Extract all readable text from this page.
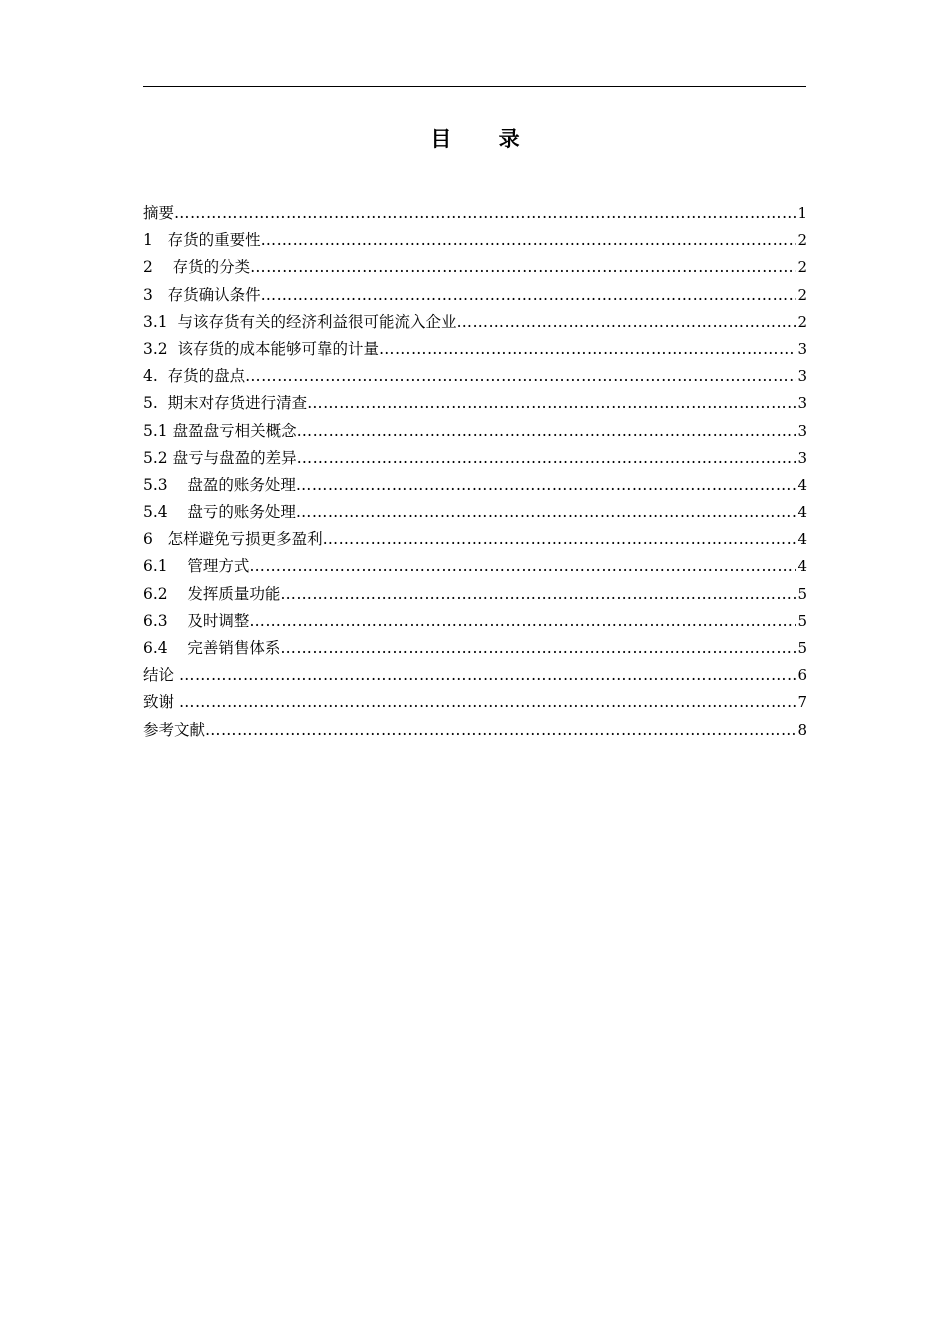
目 录
摘要 ……………………………………………………………………………………………………………………………………………………………………………………………………………………	1
1   存货的重要性 ……………………………………………………………………………………………………………………………………………………………………………………………………………………	2
2    存货的分类 ……………………………………………………………………………………………………………………………………………………………………………………………………………………	2
3   存货确认条件 ……………………………………………………………………………………………………………………………………………………………………………………………………………………	2
3.1  与该存货有关的经济利益很可能流入企业 ……………………………………………………………………………………………………………………………………………………………………………………………………………………	2
3.2  该存货的成本能够可靠的计量 ……………………………………………………………………………………………………………………………………………………………………………………………………………………	3
4.  存货的盘点 ……………………………………………………………………………………………………………………………………………………………………………………………………………………	3
5.  期末对存货进行清查 ……………………………………………………………………………………………………………………………………………………………………………………………………………………	3
5.1 盘盈盘亏相关概念 ……………………………………………………………………………………………………………………………………………………………………………………………………………………	3
5.2 盘亏与盘盈的差异 ……………………………………………………………………………………………………………………………………………………………………………………………………………………	3
5.3    盘盈的账务处理 ……………………………………………………………………………………………………………………………………………………………………………………………………………………	4
5.4    盘亏的账务处理 ……………………………………………………………………………………………………………………………………………………………………………………………………………………	4
6   怎样避免亏损更多盈利 ……………………………………………………………………………………………………………………………………………………………………………………………………………………	4
6.1    管理方式 ……………………………………………………………………………………………………………………………………………………………………………………………………………………	4
6.2    发挥质量功能 ……………………………………………………………………………………………………………………………………………………………………………………………………………………	5
6.3    及时调整 ……………………………………………………………………………………………………………………………………………………………………………………………………………………	5
6.4    完善销售体系 ……………………………………………………………………………………………………………………………………………………………………………………………………………………	5
结论 ……………………………………………………………………………………………………………………………………………………………………………………………………………………	6
致谢 ……………………………………………………………………………………………………………………………………………………………………………………………………………………	7
参考文献 ……………………………………………………………………………………………………………………………………………………………………………………………………………………	8
